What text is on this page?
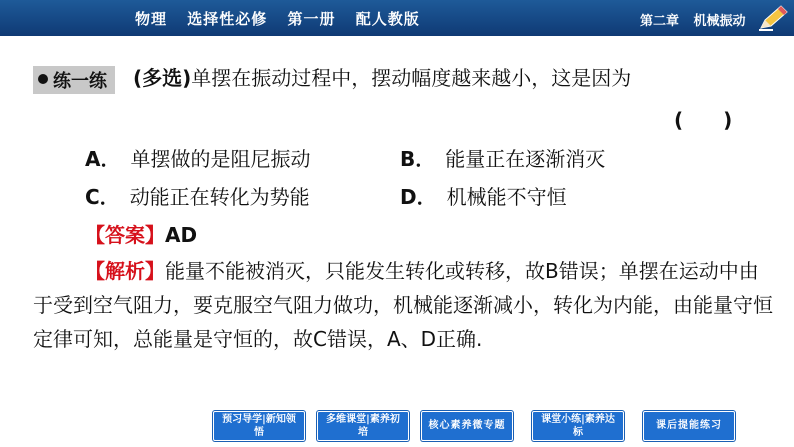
物理 选择性必修 第一册 配人教版	第二章 机械振动
练一练 (多选)单摆在振动过程中，摆动幅度越来越小，这是因为
(　　)
A． 单摆做的是阻尼振动	B． 能量正在逐渐消灭
C． 动能正在转化为势能	D． 机械能不守恒
【答案】AD
【解析】能量不能被消灭，只能发生转化或转移，故B错误；单摆在运动中由于受到空气阻力，要克服空气阻力做功，机械能逐渐减小，转化为内能，由能量守恒定律可知，总能量是守恒的，故C错误，A、D正确.
预习导学|新知领悟
多维课堂|素养初培
核心素养微专题
课堂小练|素养达标
课后提能练习
